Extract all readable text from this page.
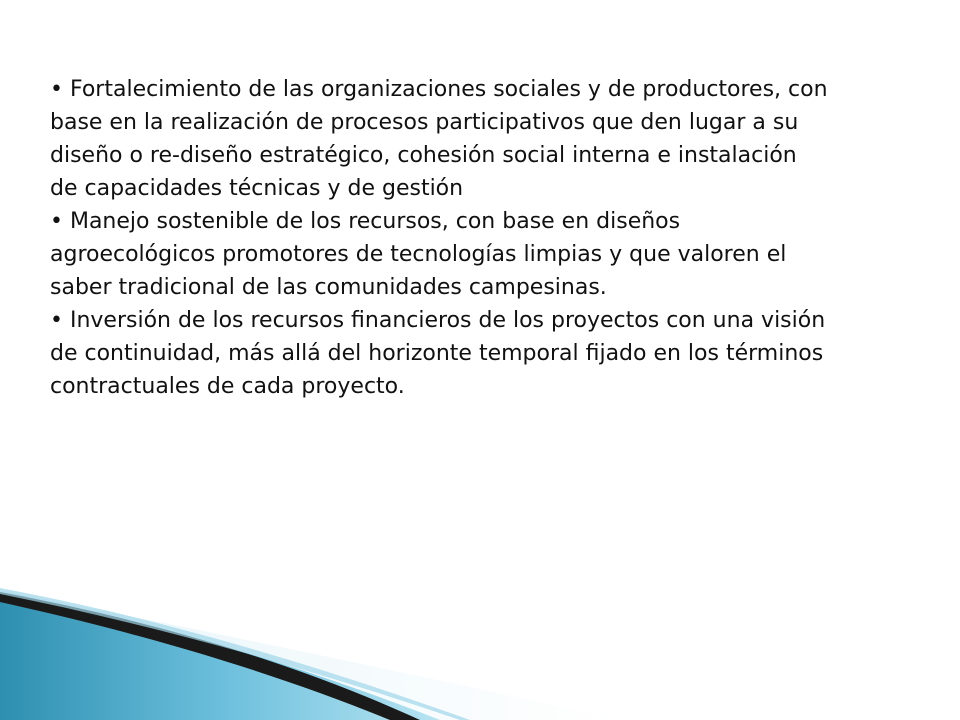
• Fortalecimiento de las organizaciones sociales y de productores, con
base en la realización de procesos participativos que den lugar a su
diseño o re-diseño estratégico, cohesión social interna e instalación
de capacidades técnicas y de gestión
• Manejo sostenible de los recursos, con base en diseños
agroecológicos promotores de tecnologías limpias y que valoren el
saber tradicional de las comunidades campesinas.
• Inversión de los recursos financieros de los proyectos con una visión
de continuidad, más allá del horizonte temporal fijado en los términos
contractuales de cada proyecto.
